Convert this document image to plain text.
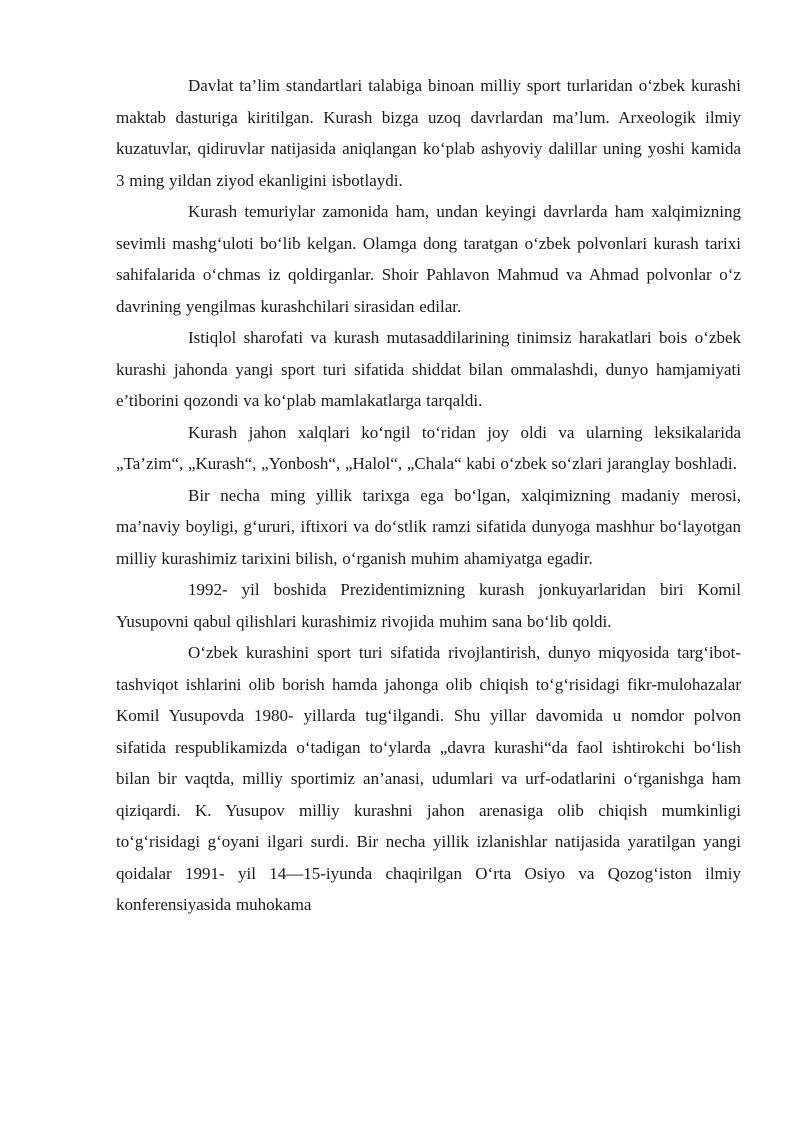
Davlat ta’lim standartlari talabiga binoan milliy sport turlaridan o‘zbek kurashi maktab dasturiga kiritilgan. Kurash bizga uzoq davrlardan ma’lum. Arxeologik ilmiy kuzatuvlar, qidiruvlar natijasida aniqlangan ko‘plab ashyoviy dalillar uning yoshi kamida 3 ming yildan ziyod ekanligini isbotlaydi.

Kurash temuriylar zamonida ham, undan keyingi davrlarda ham xalqimizning sevimli mashg‘uloti bo‘lib kelgan. Olamga dong taratgan o‘zbek polvonlari kurash tarixi sahifalarida o‘chmas iz qoldirganlar. Shoir Pahlavon Mahmud va Ahmad polvonlar o‘z davrining yengilmas kurashchilari sirasidan edilar.

Istiqlol sharofati va kurash mutasaddilarining tinimsiz harakatlari bois o‘zbek kurashi jahonda yangi sport turi sifatida shiddat bilan ommalashdi, dunyo hamjamiyati e’tiborini qozondi va ko‘plab mamlakatlarga tarqaldi.

Kurash jahon xalqlari ko‘ngil to‘ridan joy oldi va ularning leksikalarida „Ta’zim“, „Kurash“, „Yonbosh“, „Halol“, „Chala“ kabi o‘zbek so‘zlari jaranglay boshladi.

Bir necha ming yillik tarixga ega bo‘lgan, xalqimizning madaniy merosi, ma’naviy boyligi, g‘ururi, iftixori va do‘stlik ramzi sifatida dunyoga mashhur bo‘layotgan milliy kurashimiz tarixini bilish, o‘rganish muhim ahamiyatga egadir.

1992- yil boshida Prezidentimizning kurash jonkuyarlaridan biri Komil Yusupovni qabul qilishlari kurashimiz rivojida muhim sana bo‘lib qoldi.

O‘zbek kurashini sport turi sifatida rivojlantirish, dunyo miqyosida targ‘ibot-tashviqot ishlarini olib borish hamda jahonga olib chiqish to‘g‘risidagi fikr-mulohazalar Komil Yusupovda 1980- yillarda tug‘ilgandi. Shu yillar davomida u nomdor polvon sifatida respublikamizda o‘tadigan to‘ylarda „davra kurashi“da faol ishtirokchi bo‘lish bilan bir vaqtda, milliy sportimiz an’anasi, udumlari va urf-odatlarini o‘rganishga ham qiziqardi. K. Yusupov milliy kurashni jahon arenasiga olib chiqish mumkinligi to‘g‘risidagi g‘oyani ilgari surdi. Bir necha yillik izlanishlar natijasida yaratilgan yangi qoidalar 1991- yil 14—15-iyunda chaqirilgan O‘rta Osiyo va Qozog‘iston ilmiy konferensiyasida muhokama
